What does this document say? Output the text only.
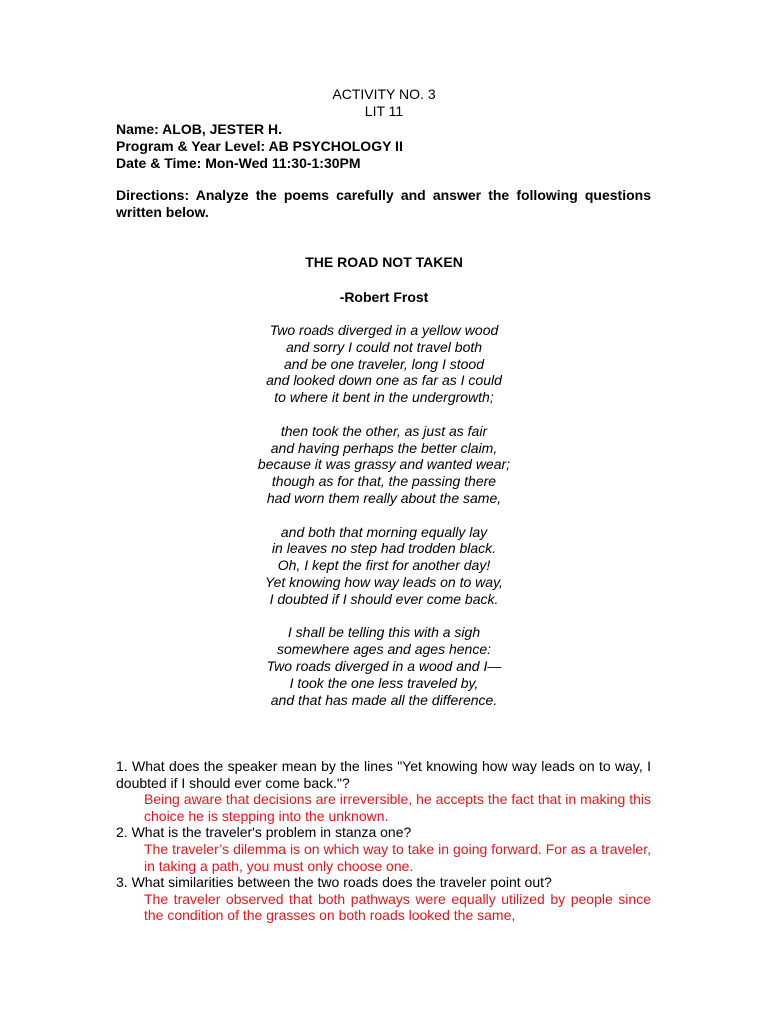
ACTIVITY NO. 3
LIT 11
Name: ALOB, JESTER H.
Program & Year Level: AB PSYCHOLOGY II
Date & Time: Mon-Wed 11:30-1:30PM
Directions: Analyze the poems carefully and answer the following questions written below.
THE ROAD NOT TAKEN
-Robert Frost
Two roads diverged in a yellow wood
and sorry I could not travel both
and be one traveler, long I stood
and looked down one as far as I could
to where it bent in the undergrowth;
then took the other, as just as fair
and having perhaps the better claim,
because it was grassy and wanted wear;
though as for that, the passing there
had worn them really about the same,
and both that morning equally lay
in leaves no step had trodden black.
Oh, I kept the first for another day!
Yet knowing how way leads on to way,
I doubted if I should ever come back.
I shall be telling this with a sigh
somewhere ages and ages hence:
Two roads diverged in a wood and I—
I took the one less traveled by,
and that has made all the difference.
1. What does the speaker mean by the lines "Yet knowing how way leads on to way, I doubted if I should ever come back."?
Being aware that decisions are irreversible, he accepts the fact that in making this choice he is stepping into the unknown.
2. What is the traveler's problem in stanza one?
The traveler’s dilemma is on which way to take in going forward. For as a traveler, in taking a path, you must only choose one.
3. What similarities between the two roads does the traveler point out?
The traveler observed that both pathways were equally utilized by people since the condition of the grasses on both roads looked the same,
